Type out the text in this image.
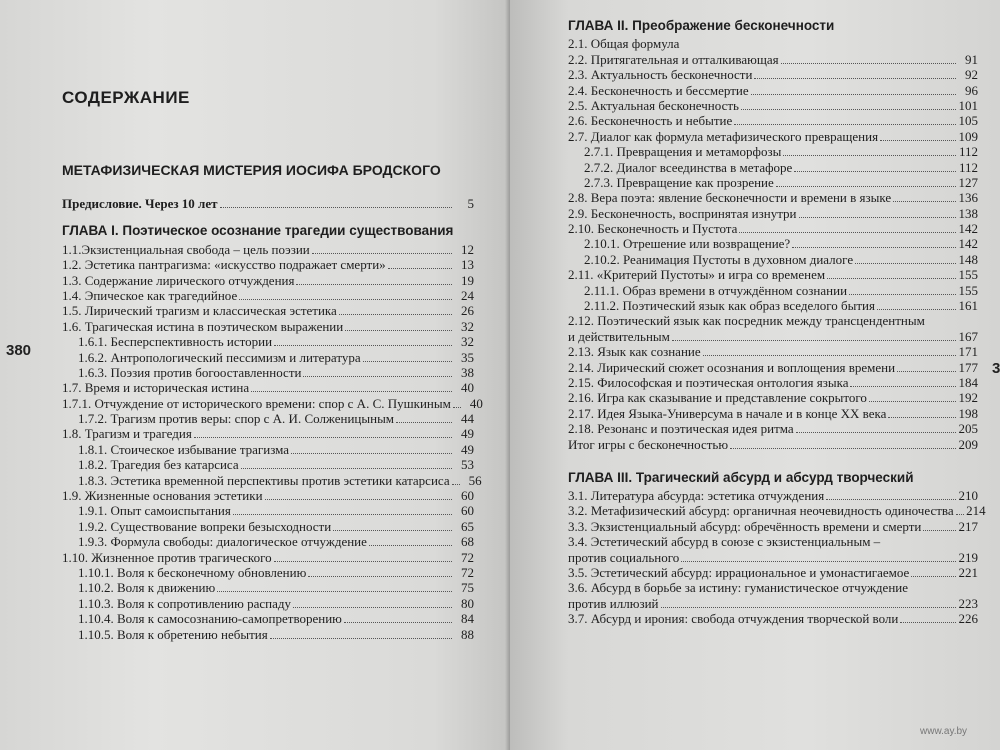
СОДЕРЖАНИЕ
МЕТАФИЗИЧЕСКАЯ МИСТЕРИЯ ИОСИФА БРОДСКОГО
Предисловие. Через 10 лет	5
ГЛАВА I. Поэтическое осознание трагедии существования
1.1.Экзистенциальная свобода – цель поэзии	12
1.2. Эстетика пантрагизма: «искусство подражает смерти»	13
1.3. Содержание лирического отчуждения	19
1.4. Эпическое как трагедийное	24
1.5. Лирический трагизм и классическая эстетика	26
1.6. Трагическая истина в поэтическом выражении	32
1.6.1. Бесперспективность истории	32
1.6.2. Антропологический пессимизм и литература	35
1.6.3. Поэзия против богооставленности	38
1.7. Время и историческая истина	40
1.7.1. Отчуждение от исторического времени: спор с А. С. Пушкиным	40
1.7.2. Трагизм против веры: спор с А. И. Солженицыным	44
1.8. Трагизм и трагедия	49
1.8.1. Стоическое избывание трагизма	49
1.8.2. Трагедия без катарсиса	53
1.8.3. Эстетика временной перспективы против эстетики катарсиса	56
1.9. Жизненные основания эстетики	60
1.9.1. Опыт самоиспытания	60
1.9.2. Существование вопреки безысходности	65
1.9.3. Формула свободы: диалогическое отчуждение	68
1.10. Жизненное против трагического	72
1.10.1. Воля к бесконечному обновлению	72
1.10.2. Воля к движению	75
1.10.3. Воля к сопротивлению распаду	80
1.10.4. Воля к самосознанию-самопретворению	84
1.10.5. Воля к обретению небытия	88
380
ГЛАВА II. Преображение бесконечности
2.1. Общая формула
2.2. Притягательная и отталкивающая	91
2.3. Актуальность бесконечности	92
2.4. Бесконечность и бессмертие	96
2.5. Актуальная бесконечность	101
2.6. Бесконечность и небытие	105
2.7. Диалог как формула метафизического превращения	109
2.7.1. Превращения и метаморфозы	112
2.7.2. Диалог всеединства в метафоре	112
2.7.3. Превращение как прозрение	127
2.8. Вера поэта: явление бесконечности и времени в языке	136
2.9. Бесконечность, воспринятая изнутри	138
2.10. Бесконечность и Пустота	142
2.10.1. Отрешение или возвращение?	142
2.10.2. Реанимация Пустоты в духовном диалоге	148
2.11. «Критерий Пустоты» и игра со временем	155
2.11.1. Образ времени в отчуждённом сознании	155
2.11.2. Поэтический язык как образ вседелого бытия	161
2.12. Поэтический язык как посредник между трансцендентным
и действительным	167
2.13. Язык как сознание	171
2.14. Лирический сюжет осознания и воплощения времени	177
2.15. Философская и поэтическая онтология языка	184
2.16. Игра как сказывание и представление сокрытого	192
2.17. Идея Языка-Универсума в начале и в конце XX века	198
2.18. Резонанс и поэтическая идея ритма	205
Итог игры с бесконечностью	209
ГЛАВА III. Трагический абсурд и абсурд творческий
3.1. Литература абсурда: эстетика отчуждения	210
3.2. Метафизический абсурд: органичная неочевидность одиночества 214
3.3. Экзистенциальный абсурд: обречённость времени и смерти	217
3.4. Эстетический абсурд в союзе с экзистенциальным –
против социального	219
3.5. Эстетический абсурд: иррациональное и умонастигаемое	221
3.6. Абсурд в борьбе за истину: гуманистическое отчуждение
против иллюзий	223
3.7. Абсурд и ирония: свобода отчуждения творческой воли	226
3
www.ay.by
